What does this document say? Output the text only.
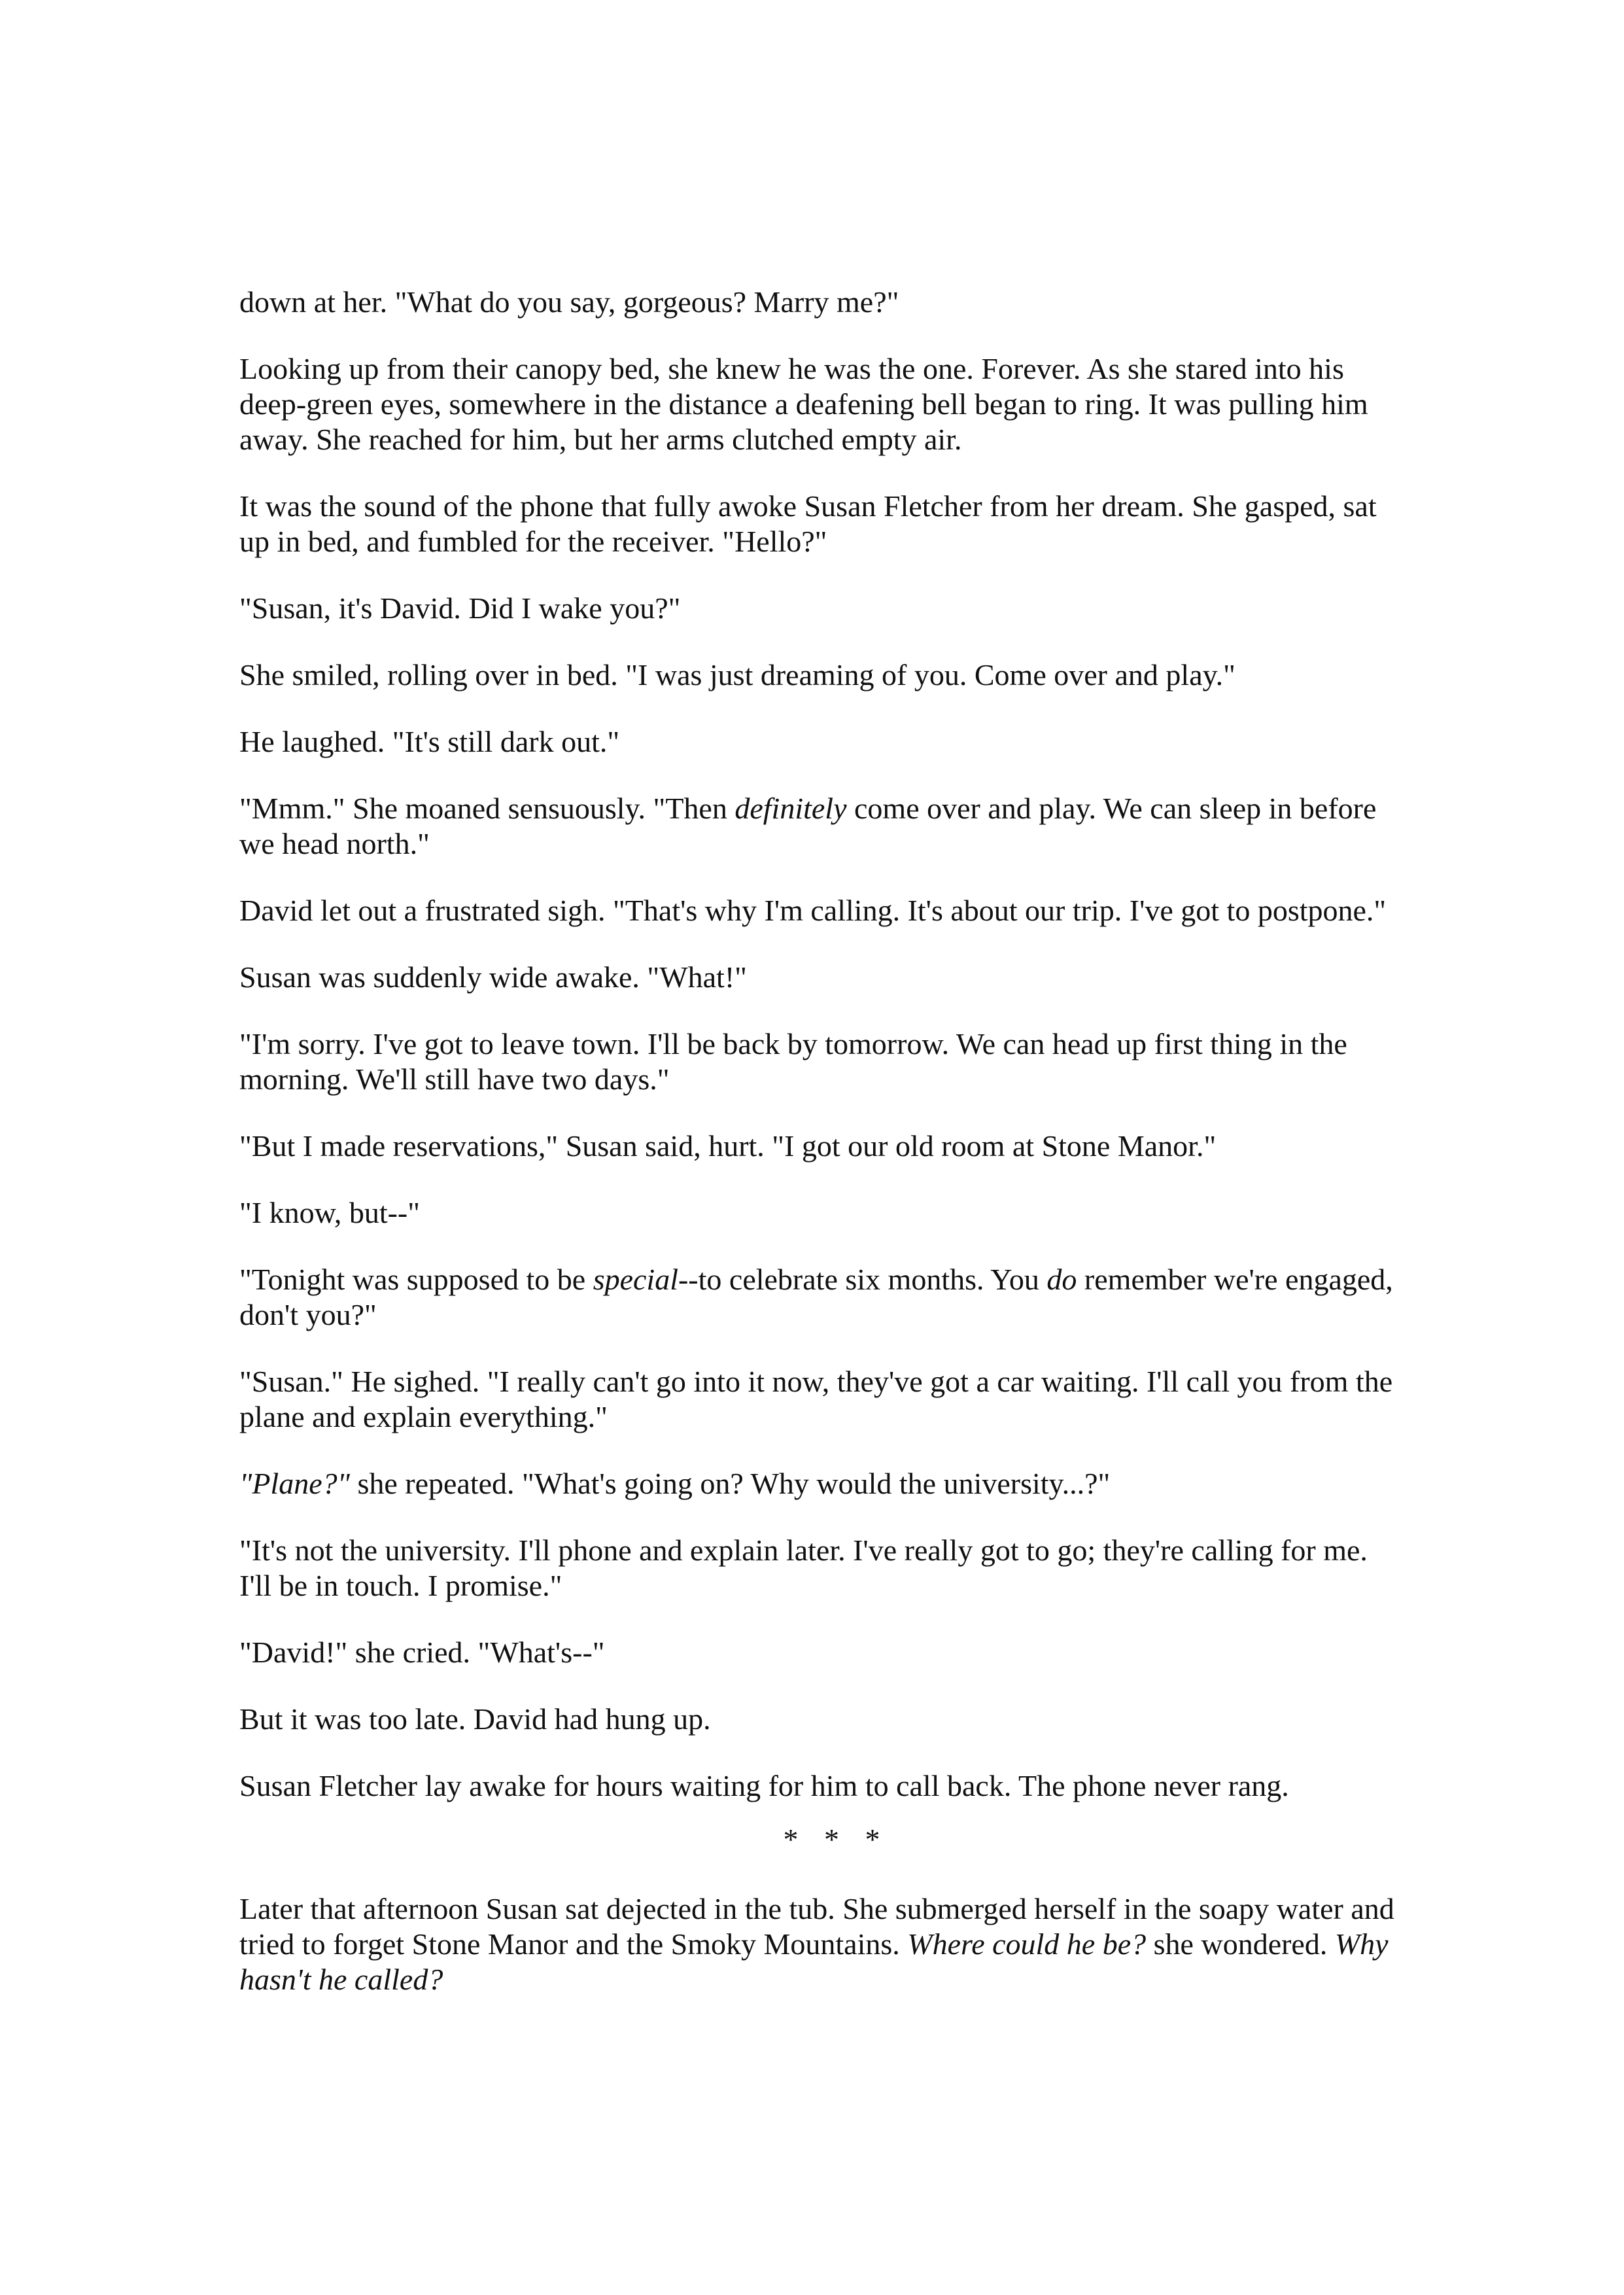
down at her. "What do you say, gorgeous? Marry me?"

Looking up from their canopy bed, she knew he was the one. Forever. As she stared into his deep-green eyes, somewhere in the distance a deafening bell began to ring. It was pulling him away. She reached for him, but her arms clutched empty air.

It was the sound of the phone that fully awoke Susan Fletcher from her dream. She gasped, sat up in bed, and fumbled for the receiver. "Hello?"

"Susan, it's David. Did I wake you?"

She smiled, rolling over in bed. "I was just dreaming of you. Come over and play."

He laughed. "It's still dark out."

"Mmm." She moaned sensuously. "Then definitely come over and play. We can sleep in before we head north."

David let out a frustrated sigh. "That's why I'm calling. It's about our trip. I've got to postpone."

Susan was suddenly wide awake. "What!"

"I'm sorry. I've got to leave town. I'll be back by tomorrow. We can head up first thing in the morning. We'll still have two days."

"But I made reservations," Susan said, hurt. "I got our old room at Stone Manor."

"I know, but--"

"Tonight was supposed to be special--to celebrate six months. You do remember we're engaged, don't you?"

"Susan." He sighed. "I really can't go into it now, they've got a car waiting. I'll call you from the plane and explain everything."

"Plane?" she repeated. "What's going on? Why would the university...?"

"It's not the university. I'll phone and explain later. I've really got to go; they're calling for me. I'll be in touch. I promise."

"David!" she cried. "What's--"

But it was too late. David had hung up.

Susan Fletcher lay awake for hours waiting for him to call back. The phone never rang.

* * *

Later that afternoon Susan sat dejected in the tub. She submerged herself in the soapy water and tried to forget Stone Manor and the Smoky Mountains. Where could he be? she wondered. Why hasn't he called?
